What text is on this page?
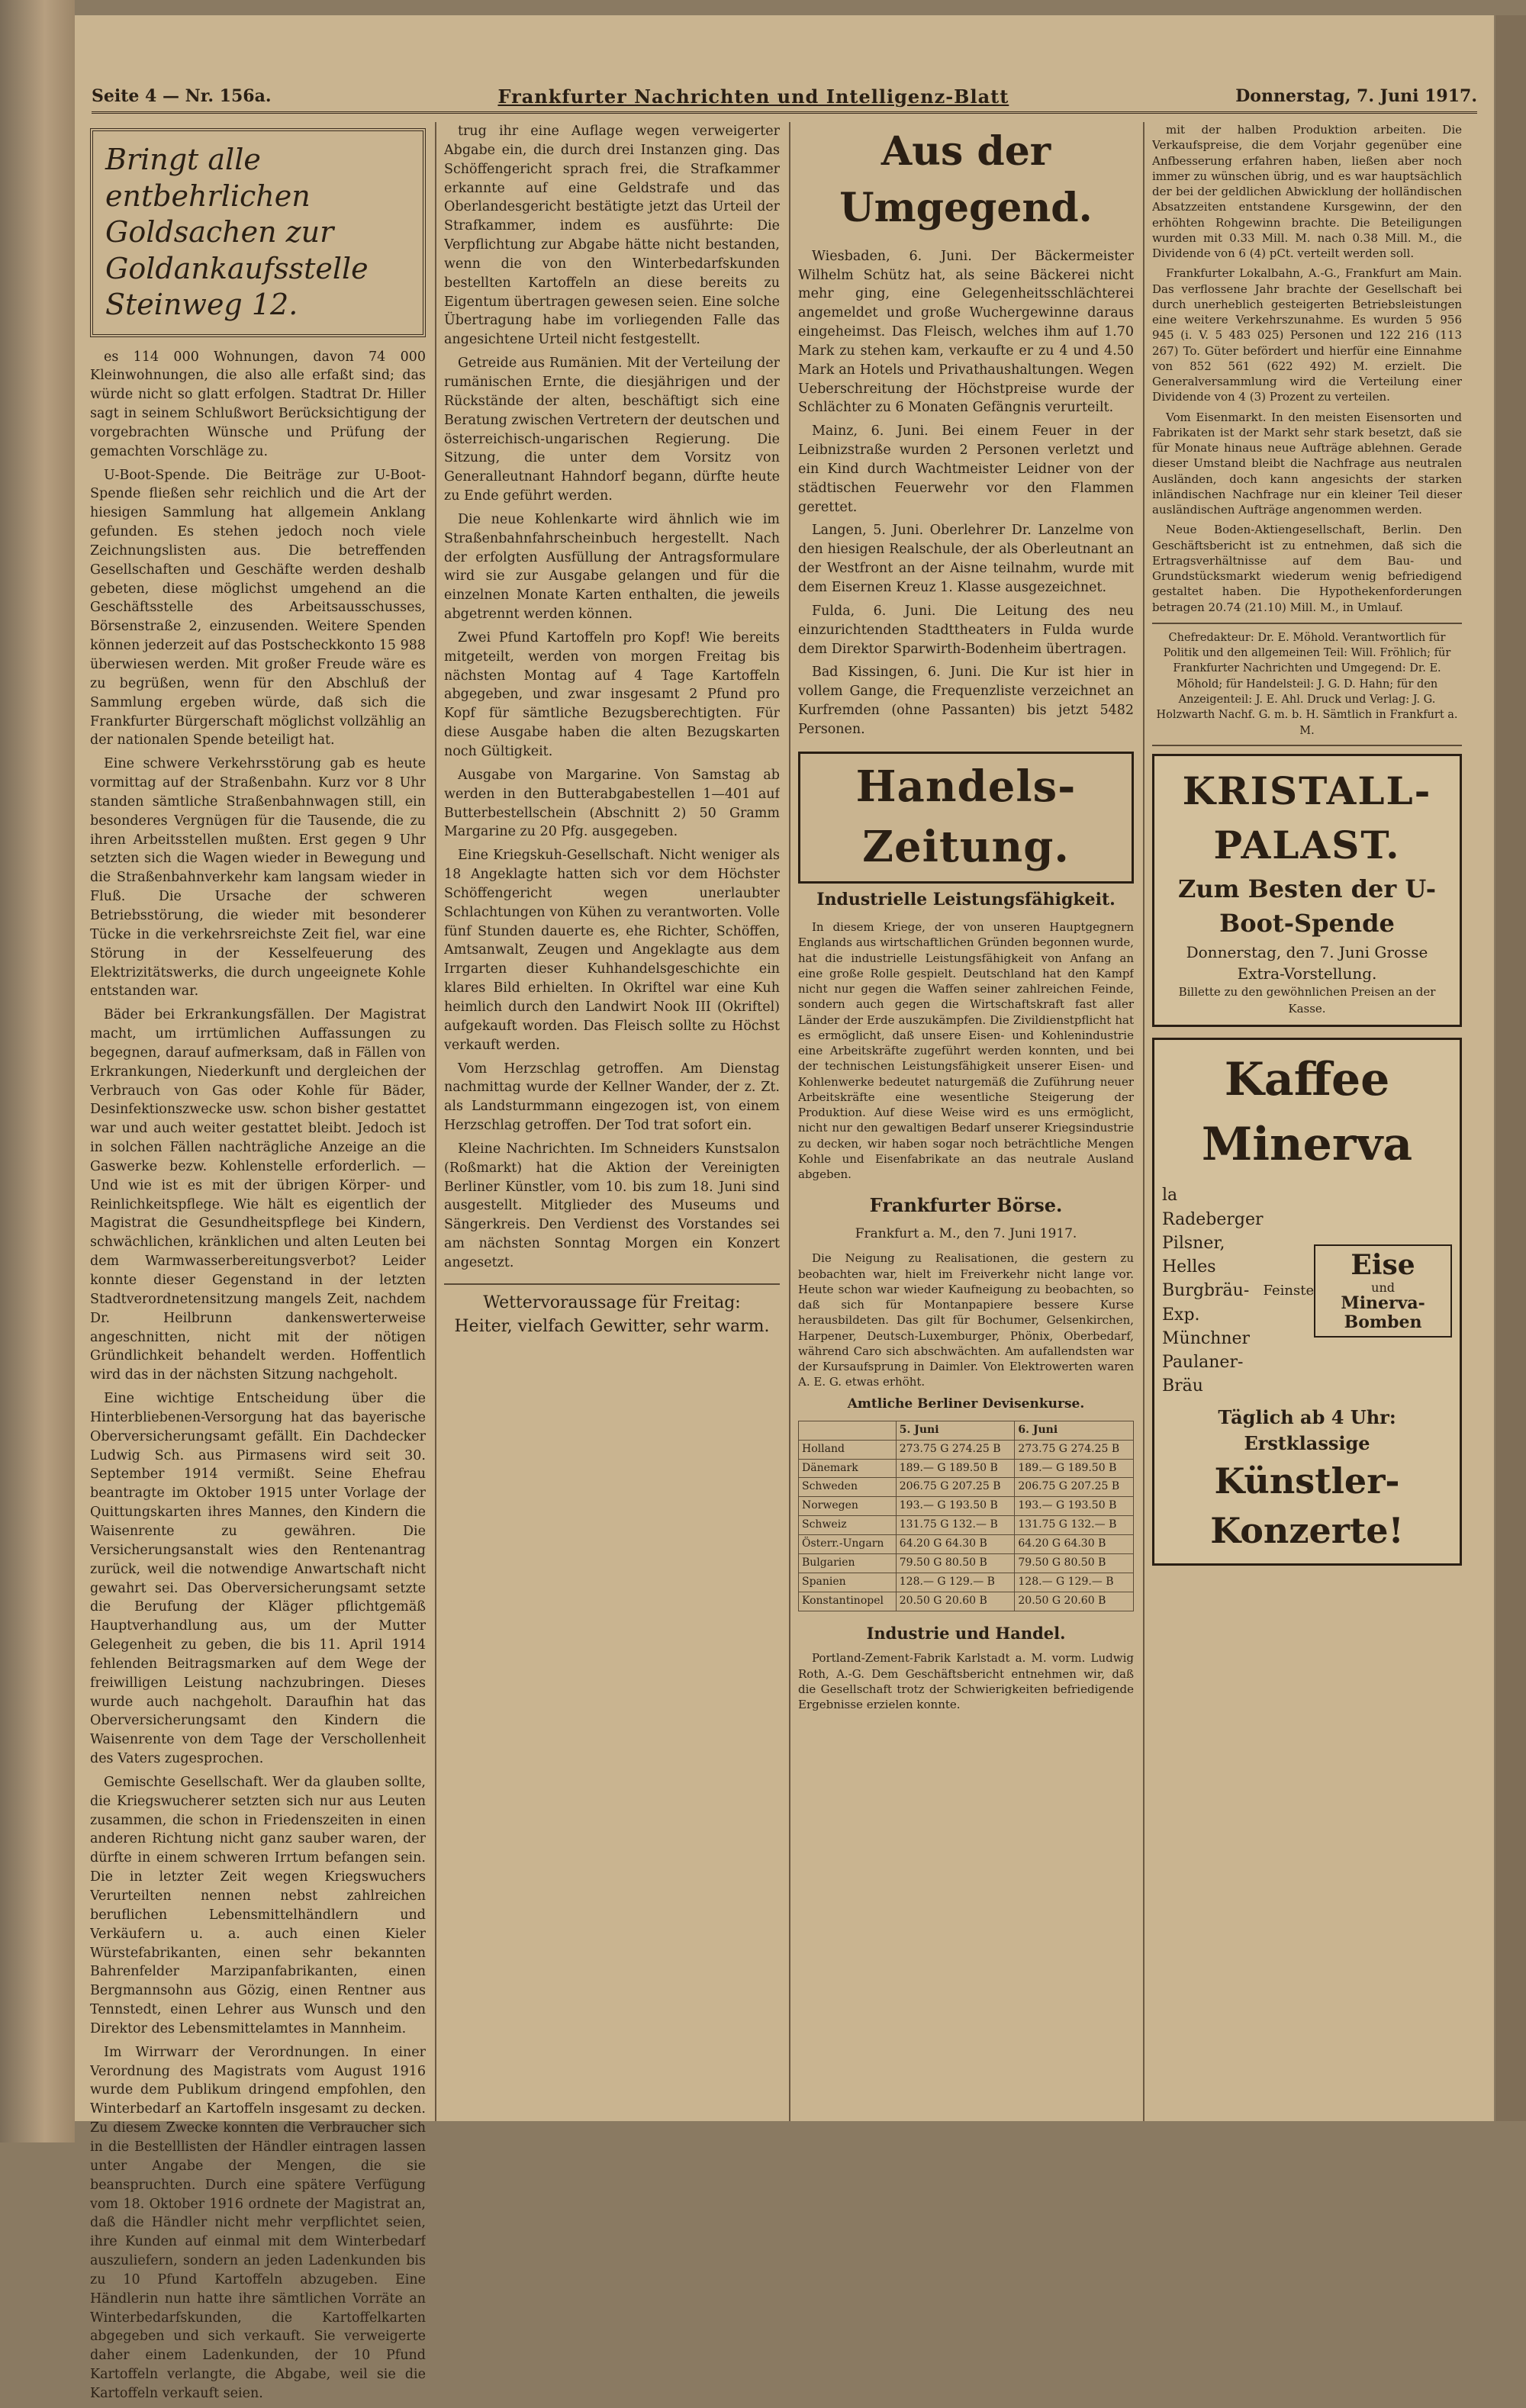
Seite 4 — Nr. 156a.	Frankfurter Nachrichten und Intelligenz-Blatt	Donnerstag, 7. Juni 1917.
Bringt alle entbehrlichen Goldsachen zur Goldankaufsstelle Steinweg 12.

es 114 000 Wohnungen, davon 74 000 Kleinwohnungen, die also alle erfaßt sind; das würde nicht so glatt erfolgen. Stadtrat Dr. Hiller sagt in seinem Schlußwort Berücksichtigung der vorgebrachten Wünsche und Prüfung der gemachten Vorschläge zu.

U-Boot-Spende. Die Beiträge zur U-Boot-Spende fließen sehr reichlich und die Art der hiesigen Sammlung hat allgemein Anklang gefunden. Es stehen jedoch noch viele Zeichnungslisten aus. Die betreffenden Gesellschaften und Geschäfte werden deshalb gebeten, diese möglichst umgehend an die Geschäftsstelle des Arbeitsausschusses, Börsenstraße 2, einzusenden. Weitere Spenden können jederzeit auf das Postscheckkonto 15 988 überwiesen werden. Mit großer Freude wäre es zu begrüßen, wenn für den Abschluß der Sammlung ergeben würde, daß sich die Frankfurter Bürgerschaft möglichst vollzählig an der nationalen Spende beteiligt hat.

Eine schwere Verkehrsstörung gab es heute vormittag auf der Straßenbahn. Kurz vor 8 Uhr standen sämtliche Straßenbahnwagen still, ein besonderes Vergnügen für die Tausende, die zu ihren Arbeitsstellen mußten. Erst gegen 9 Uhr setzten sich die Wagen wieder in Bewegung und die Straßenbahnverkehr kam langsam wieder in Fluß. Die Ursache der schweren Betriebsstörung, die wieder mit besonderer Tücke in die verkehrsreichste Zeit fiel, war eine Störung in der Kesselfeuerung des Elektrizitätswerks, die durch ungeeignete Kohle entstanden war.

Bäder bei Erkrankungsfällen. Der Magistrat macht, um irrtümlichen Auffassungen zu begegnen, darauf aufmerksam, daß in Fällen von Erkrankungen, Niederkunft und dergleichen der Verbrauch von Gas oder Kohle für Bäder, Desinfektionszwecke usw. schon bisher gestattet war und auch weiter gestattet bleibt. Jedoch ist in solchen Fällen nachträgliche Anzeige an die Gaswerke bezw. Kohlenstelle erforderlich. — Und wie ist es mit der übrigen Körper- und Reinlichkeitspflege. Wie hält es eigentlich der Magistrat die Gesundheitspflege bei Kindern, schwächlichen, kränklichen und alten Leuten bei dem Warmwasserbereitungsverbot? Leider konnte dieser Gegenstand in der letzten Stadtverordnetensitzung mangels Zeit, nachdem Dr. Heilbrunn dankenswerterweise angeschnitten, nicht mit der nötigen Gründlichkeit behandelt werden. Hoffentlich wird das in der nächsten Sitzung nachgeholt.

Eine wichtige Entscheidung über die Hinterbliebenen-Versorgung hat das bayerische Oberversicherungsamt gefällt. Ein Dachdecker Ludwig Sch. aus Pirmasens wird seit 30. September 1914 vermißt. Seine Ehefrau beantragte im Oktober 1915 unter Vorlage der Quittungskarten ihres Mannes, den Kindern die Waisenrente zu gewähren. Die Versicherungsanstalt wies den Rentenantrag zurück, weil die notwendige Anwartschaft nicht gewahrt sei. Das Oberversicherungsamt setzte die Berufung der Kläger pflichtgemäß Hauptverhandlung aus, um der Mutter Gelegenheit zu geben, die bis 11. April 1914 fehlenden Beitragsmarken auf dem Wege der freiwilligen Leistung nachzubringen. Dieses wurde auch nachgeholt. Daraufhin hat das Oberversicherungsamt den Kindern die Waisenrente von dem Tage der Verschollenheit des Vaters zugesprochen.

Gemischte Gesellschaft. Wer da glauben sollte, die Kriegswucherer setzten sich nur aus Leuten zusammen, die schon in Friedenszeiten in einen anderen Richtung nicht ganz sauber waren, der dürfte in einem schweren Irrtum befangen sein. Die in letzter Zeit wegen Kriegswuchers Verurteilten nennen nebst zahlreichen beruflichen Lebensmittelhändlern und Verkäufern u. a. auch einen Kieler Würstefabrikanten, einen sehr bekannten Bahrenfelder Marzipanfabrikanten, einen Bergmannsohn aus Gözig, einen Rentner aus Tennstedt, einen Lehrer aus Wunsch und den Direktor des Lebensmittelamtes in Mannheim.

Im Wirrwarr der Verordnungen. In einer Verordnung des Magistrats vom August 1916 wurde dem Publikum dringend empfohlen, den Winterbedarf an Kartoffeln insgesamt zu decken. Zu diesem Zwecke konnten die Verbraucher sich in die Bestelllisten der Händler eintragen lassen unter Angabe der Mengen, die sie beanspruchten. Durch eine spätere Verfügung vom 18. Oktober 1916 ordnete der Magistrat an, daß die Händler nicht mehr verpflichtet seien, ihre Kunden auf einmal mit dem Winterbedarf auszuliefern, sondern an jeden Ladenkunden bis zu 10 Pfund Kartoffeln abzugeben. Eine Händlerin nun hatte ihre sämtlichen Vorräte an Winterbedarfskunden, die Kartoffelkarten abgegeben und sich verkauft. Sie verweigerte daher einem Ladenkunden, der 10 Pfund Kartoffeln verlangte, die Abgabe, weil sie die Kartoffeln verkauft seien.

trug ihr eine Auflage wegen verweigerter Abgabe ein, die durch drei Instanzen ging. Das Schöffengericht sprach frei, die Strafkammer erkannte auf eine Geldstrafe und das Oberlandesgericht bestätigte jetzt das Urteil der Strafkammer, indem es ausführte: Die Verpflichtung zur Abgabe hätte nicht bestanden, wenn die von den Winterbedarfskunden bestellten Kartoffeln an diese bereits zu Eigentum übertragen gewesen seien. Eine solche Übertragung habe im vorliegenden Falle das angesichtene Urteil nicht festgestellt.

Getreide aus Rumänien. Mit der Verteilung der rumänischen Ernte, die diesjährigen und der Rückstände der alten, beschäftigt sich eine Beratung zwischen Vertretern der deutschen und österreichisch-ungarischen Regierung. Die Sitzung, die unter dem Vorsitz von Generalleutnant Hahndorf begann, dürfte heute zu Ende geführt werden.

Die neue Kohlenkarte wird ähnlich wie im Straßenbahnfahrscheinbuch hergestellt. Nach der erfolgten Ausfüllung der Antragsformulare wird sie zur Ausgabe gelangen und für die einzelnen Monate Karten enthalten, die jeweils abgetrennt werden können.

Zwei Pfund Kartoffeln pro Kopf! Wie bereits mitgeteilt, werden von morgen Freitag bis nächsten Montag auf 4 Tage Kartoffeln abgegeben, und zwar insgesamt 2 Pfund pro Kopf für sämtliche Bezugsberechtigten. Für diese Ausgabe haben die alten Bezugskarten noch Gültigkeit.

Ausgabe von Margarine. Von Samstag ab werden in den Butterabgabestellen 1—401 auf Butterbestellschein (Abschnitt 2) 50 Gramm Margarine zu 20 Pfg. ausgegeben.

Eine Kriegskuh-Gesellschaft. Nicht weniger als 18 Angeklagte hatten sich vor dem Höchster Schöffengericht wegen unerlaubter Schlachtungen von Kühen zu verantworten. Volle fünf Stunden dauerte es, ehe Richter, Schöffen, Amtsanwalt, Zeugen und Angeklagte aus dem Irrgarten dieser Kuhhandelsgeschichte ein klares Bild erhielten. In Okriftel war eine Kuh heimlich durch den Landwirt Nook III (Okriftel) aufgekauft worden. Das Fleisch sollte zu Höchst verkauft werden.

Vom Herzschlag getroffen. Am Dienstag nachmittag wurde der Kellner Wander, der z. Zt. als Landsturmmann eingezogen ist, von einem Herzschlag getroffen. Der Tod trat sofort ein.

Kleine Nachrichten. Im Schneiders Kunstsalon (Roßmarkt) hat die Aktion der Vereinigten Berliner Künstler, vom 10. bis zum 18. Juni sind ausgestellt. Mitglieder des Museums und Sängerkreis. Den Verdienst des Vorstandes sei am nächsten Sonntag Morgen ein Konzert angesetzt.

Wettervoraussage für Freitag:
Heiter, vielfach Gewitter, sehr warm.
Aus der Umgegend.

Wiesbaden, 6. Juni. Der Bäckermeister Wilhelm Schütz hat, als seine Bäckerei nicht mehr ging, eine Gelegenheitsschlächterei angemeldet und große Wuchergewinne daraus eingeheimst. Das Fleisch, welches ihm auf 1.70 Mark zu stehen kam, verkaufte er zu 4 und 4.50 Mark an Hotels und Privathaushaltungen. Wegen Ueberschreitung der Höchstpreise wurde der Schlächter zu 6 Monaten Gefängnis verurteilt.

Mainz, 6. Juni. Bei einem Feuer in der Leibnizstraße wurden 2 Personen verletzt und ein Kind durch Wachtmeister Leidner von der städtischen Feuerwehr vor den Flammen gerettet.

Langen, 5. Juni. Oberlehrer Dr. Lanzelme von den hiesigen Realschule, der als Oberleutnant an der Westfront an der Aisne teilnahm, wurde mit dem Eisernen Kreuz 1. Klasse ausgezeichnet.

Fulda, 6. Juni. Die Leitung des neu einzurichtenden Stadttheaters in Fulda wurde dem Direktor Sparwirth-Bodenheim übertragen.

Bad Kissingen, 6. Juni. Die Kur ist hier in vollem Gange, die Frequenzliste verzeichnet an Kurfremden (ohne Passanten) bis jetzt 5482 Personen.

Handels-Zeitung.
Industrielle Leistungsfähigkeit.

In diesem Kriege, der von unseren Hauptgegnern Englands aus wirtschaftlichen Gründen begonnen wurde, hat die industrielle Leistungsfähigkeit von Anfang an eine große Rolle gespielt. Deutschland hat den Kampf nicht nur gegen die Waffen seiner zahlreichen Feinde, sondern auch gegen die Wirtschaftskraft fast aller Länder der Erde auszukämpfen. Die Zivildienstpflicht hat es ermöglicht, daß unsere Eisen- und Kohlenindustrie eine Arbeitskräfte zugeführt werden konnten, und bei der technischen Leistungsfähigkeit unserer Eisen- und Kohlenwerke bedeutet naturgemäß die Zuführung neuer Arbeitskräfte eine wesentliche Steigerung der Produktion. Auf diese Weise wird es uns ermöglicht, nicht nur den gewaltigen Bedarf unserer Kriegsindustrie zu decken, wir haben sogar noch beträchtliche Mengen Kohle und Eisenfabrikate an das neutrale Ausland abgeben.

Frankfurter Börse.
Frankfurt a. M., den 7. Juni 1917.

Die Neigung zu Realisationen, die gestern zu beobachten war, hielt im Freiverkehr nicht lange vor. Heute schon war wieder Kaufneigung zu beobachten, so daß sich für Montanpapiere bessere Kurse herausbildeten. Das gilt für Bochumer, Gelsenkirchen, Harpener, Deutsch-Luxemburger, Phönix, Oberbedarf, während Caro sich abschwächten. Am aufallendsten war der Kursaufsprung in Daimler. Von Elektrowerten waren A. E. G. etwas erhöht.

Amtliche Berliner Devisenkurse.
	5. Juni	6. Juni
Holland	273.75 G 274.25 B	273.75 G 274.25 B
Dänemark	189.— G 189.50 B	189.— G 189.50 B
Schweden	206.75 G 207.25 B	206.75 G 207.25 B
Norwegen	193.— G 193.50 B	193.— G 193.50 B
Schweiz	131.75 G 132.— B	131.75 G 132.— B
Österr.-Ungarn	64.20 G 64.30 B	64.20 G 64.30 B
Bulgarien	79.50 G 80.50 B	79.50 G 80.50 B
Spanien	128.— G 129.— B	128.— G 129.— B
Konstantinopel	20.50 G 20.60 B	20.50 G 20.60 B
Industrie und Handel.

Portland-Zement-Fabrik Karlstadt a. M. vorm. Ludwig Roth, A.-G. Dem Geschäftsbericht entnehmen wir, daß die Gesellschaft trotz der Schwierigkeiten befriedigende Ergebnisse erzielen konnte.

mit der halben Produktion arbeiten. Die Verkaufspreise, die dem Vorjahr gegenüber eine Anfbesserung erfahren haben, ließen aber noch immer zu wünschen übrig, und es war hauptsächlich der bei der geldlichen Abwicklung der holländischen Absatzzeiten entstandene Kursgewinn, der den erhöhten Rohgewinn brachte. Die Beteiligungen wurden mit 0.33 Mill. M. nach 0.38 Mill. M., die Dividende von 6 (4) pCt. verteilt werden soll.

Frankfurter Lokalbahn, A.-G., Frankfurt am Main. Das verflossene Jahr brachte der Gesellschaft bei durch unerheblich gesteigerten Betriebsleistungen eine weitere Verkehrszunahme. Es wurden 5 956 945 (i. V. 5 483 025) Personen und 122 216 (113 267) To. Güter befördert und hierfür eine Einnahme von 852 561 (622 492) M. erzielt. Die Generalversammlung wird die Verteilung einer Dividende von 4 (3) Prozent zu verteilen.

Vom Eisenmarkt. In den meisten Eisensorten und Fabrikaten ist der Markt sehr stark besetzt, daß sie für Monate hinaus neue Aufträge ablehnen. Gerade dieser Umstand bleibt die Nachfrage aus neutralen Ausländen, doch kann angesichts der starken inländischen Nachfrage nur ein kleiner Teil dieser ausländischen Aufträge angenommen werden.

Neue Boden-Aktiengesellschaft, Berlin. Den Geschäftsbericht ist zu entnehmen, daß sich die Ertragsverhältnisse auf dem Bau- und Grundstücksmarkt wiederum wenig befriedigend gestaltet haben. Die Hypothekenforderungen betragen 20.74 (21.10) Mill. M., in Umlauf.

Chefredakteur: Dr. E. Möhold. Verantwortlich für Politik und den allgemeinen Teil: Will. Fröhlich; für Frankfurter Nachrichten und Umgegend: Dr. E. Möhold; für Handelsteil: J. G. D. Hahn; für den Anzeigenteil: J. E. Ahl. Druck und Verlag: J. G. Holzwarth Nachf. G. m. b. H. Sämtlich in Frankfurt a. M.
KRISTALL-PALAST.
Zum Besten der U-Boot-Spende
Donnerstag, den 7. Juni Grosse Extra-Vorstellung.
Billette zu den gewöhnlichen Preisen an der Kasse.
Kaffee Minerva
la Radeberger
Pilsner, Helles
Burgbräu-Exp.
Münchner
Paulaner-Bräu
Feinste
Eise
und
Minerva-Bomben
Täglich ab 4 Uhr: Erstklassige
Künstler-Konzerte!
